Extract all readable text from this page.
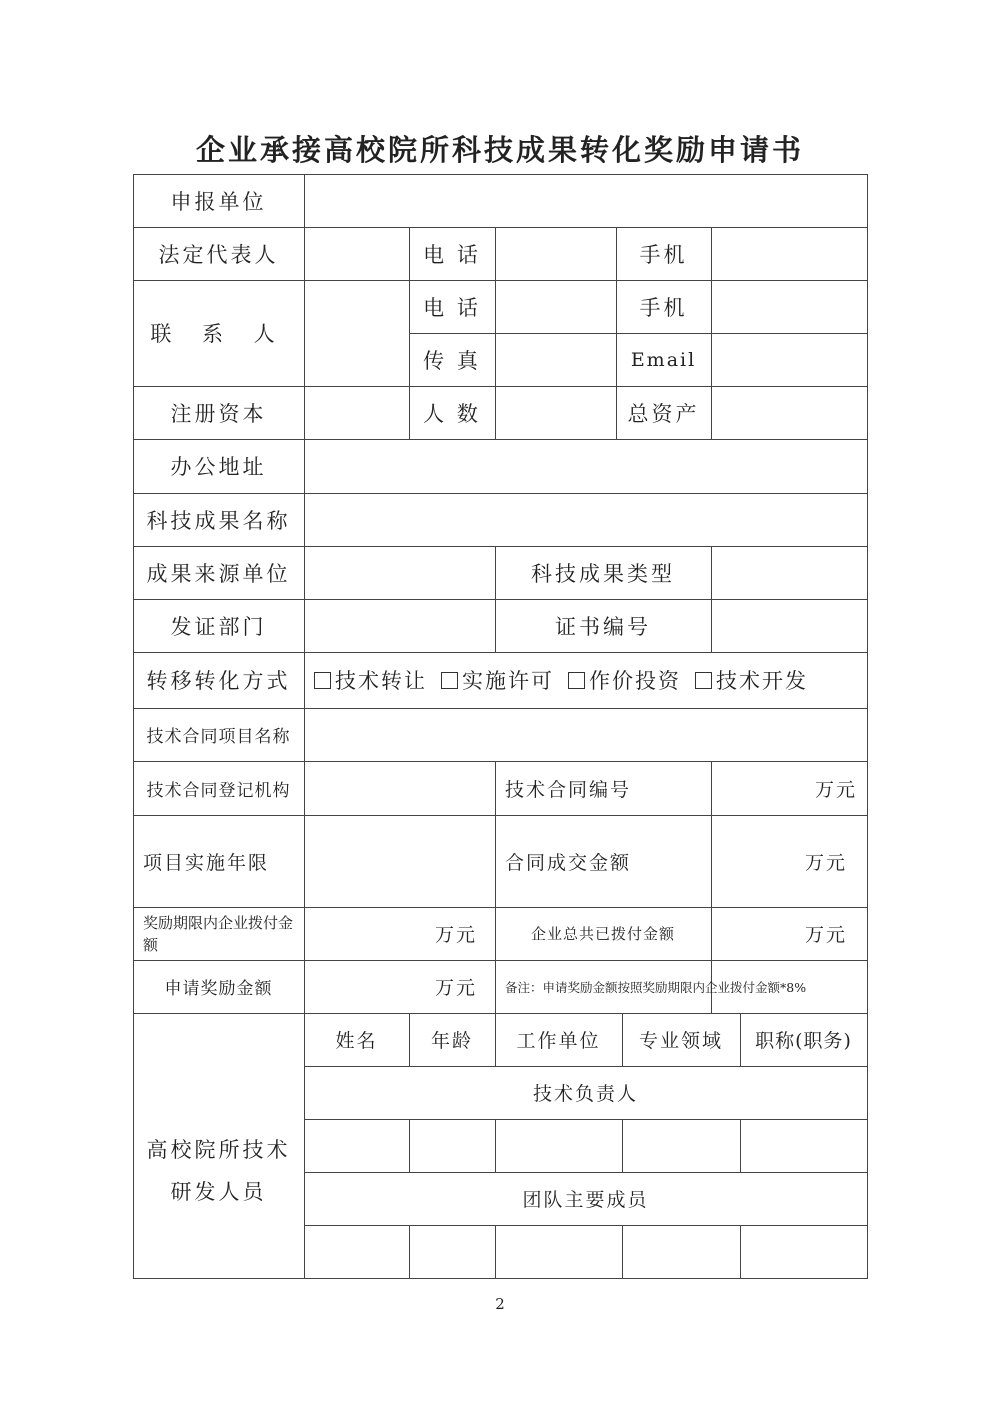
企业承接高校院所科技成果转化奖励申请书
申报单位
法定代表人	电 话	手机
联 系 人
电 话	手机
传 真	Email
注册资本	人 数	总资产
办公地址
科技成果名称
成果来源单位	科技成果类型
发证部门	证书编号
转移转化方式	技术转让	实施许可	作价投资	技术开发
技术合同项目名称
技术合同登记机构	技术合同编号	万元
项目实施年限	合同成交金额	万元
奖励期限内企业拨付金额	万元	企业总共已拨付金额	万元
申请奖励金额	万元	备注：申请奖励金额按照奖励期限内企业拨付金额*8%
高校院所技术
研发人员
姓名	年龄	工作单位	专业领域	职称(职务)
技术负责人
团队主要成员
2
